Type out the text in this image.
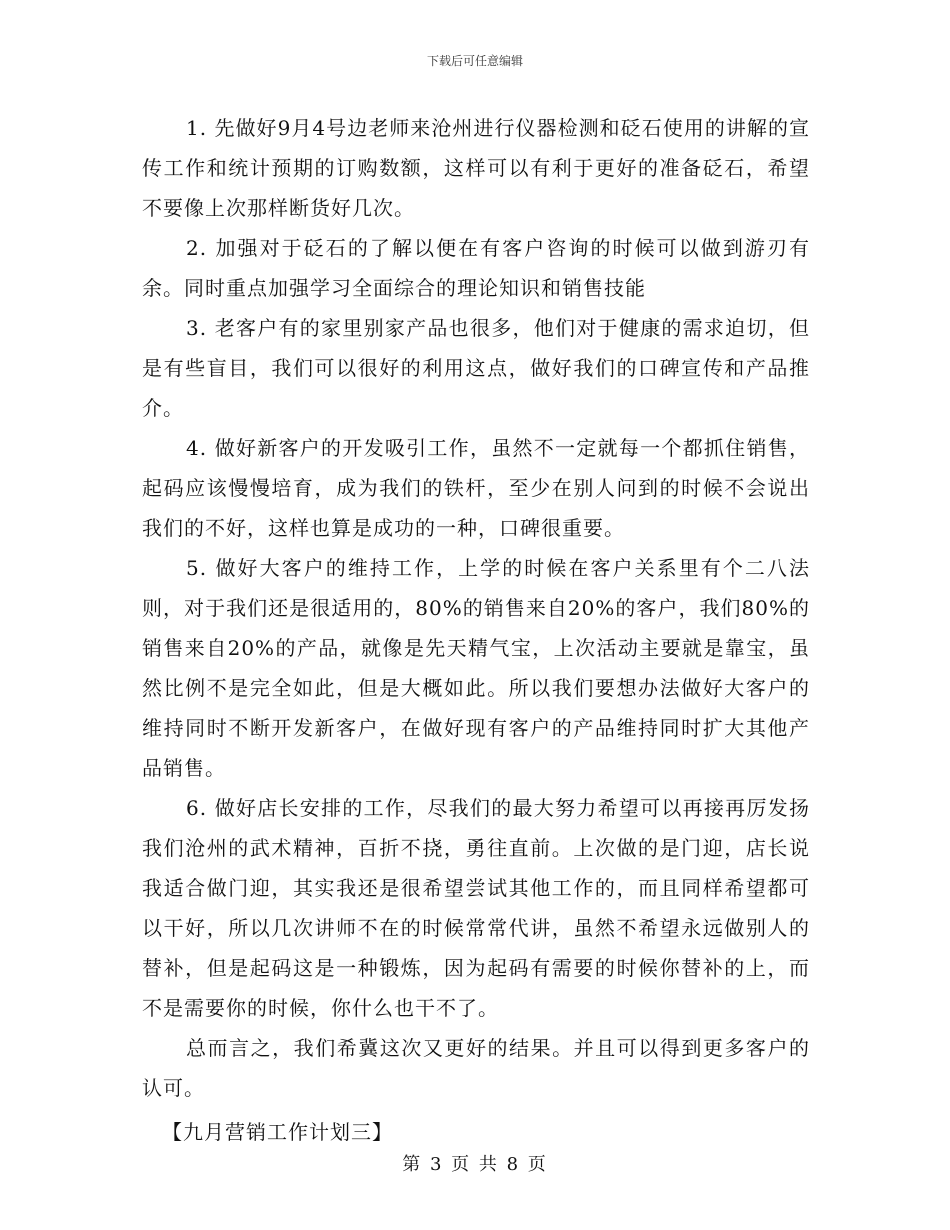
下载后可任意编辑

1. 先做好9月4号边老师来沧州进行仪器检测和砭石使用的讲解的宣传工作和统计预期的订购数额，这样可以有利于更好的准备砭石，希望不要像上次那样断货好几次。

2. 加强对于砭石的了解以便在有客户咨询的时候可以做到游刃有余。同时重点加强学习全面综合的理论知识和销售技能

3. 老客户有的家里别家产品也很多，他们对于健康的需求迫切，但是有些盲目，我们可以很好的利用这点，做好我们的口碑宣传和产品推介。

4. 做好新客户的开发吸引工作，虽然不一定就每一个都抓住销售，起码应该慢慢培育，成为我们的铁杆，至少在别人问到的时候不会说出我们的不好，这样也算是成功的一种，口碑很重要。

5. 做好大客户的维持工作，上学的时候在客户关系里有个二八法则，对于我们还是很适用的，80%的销售来自20%的客户，我们80%的销售来自20%的产品，就像是先天精气宝，上次活动主要就是靠宝，虽然比例不是完全如此，但是大概如此。所以我们要想办法做好大客户的维持同时不断开发新客户，在做好现有客户的产品维持同时扩大其他产品销售。

6. 做好店长安排的工作，尽我们的最大努力希望可以再接再厉发扬我们沧州的武术精神，百折不挠，勇往直前。上次做的是门迎，店长说我适合做门迎，其实我还是很希望尝试其他工作的，而且同样希望都可以干好，所以几次讲师不在的时候常常代讲，虽然不希望永远做别人的替补，但是起码这是一种锻炼，因为起码有需要的时候你替补的上，而不是需要你的时候，你什么也干不了。

总而言之，我们希冀这次又更好的结果。并且可以得到更多客户的认可。

【九月营销工作计划三】

第 3 页 共 8 页
